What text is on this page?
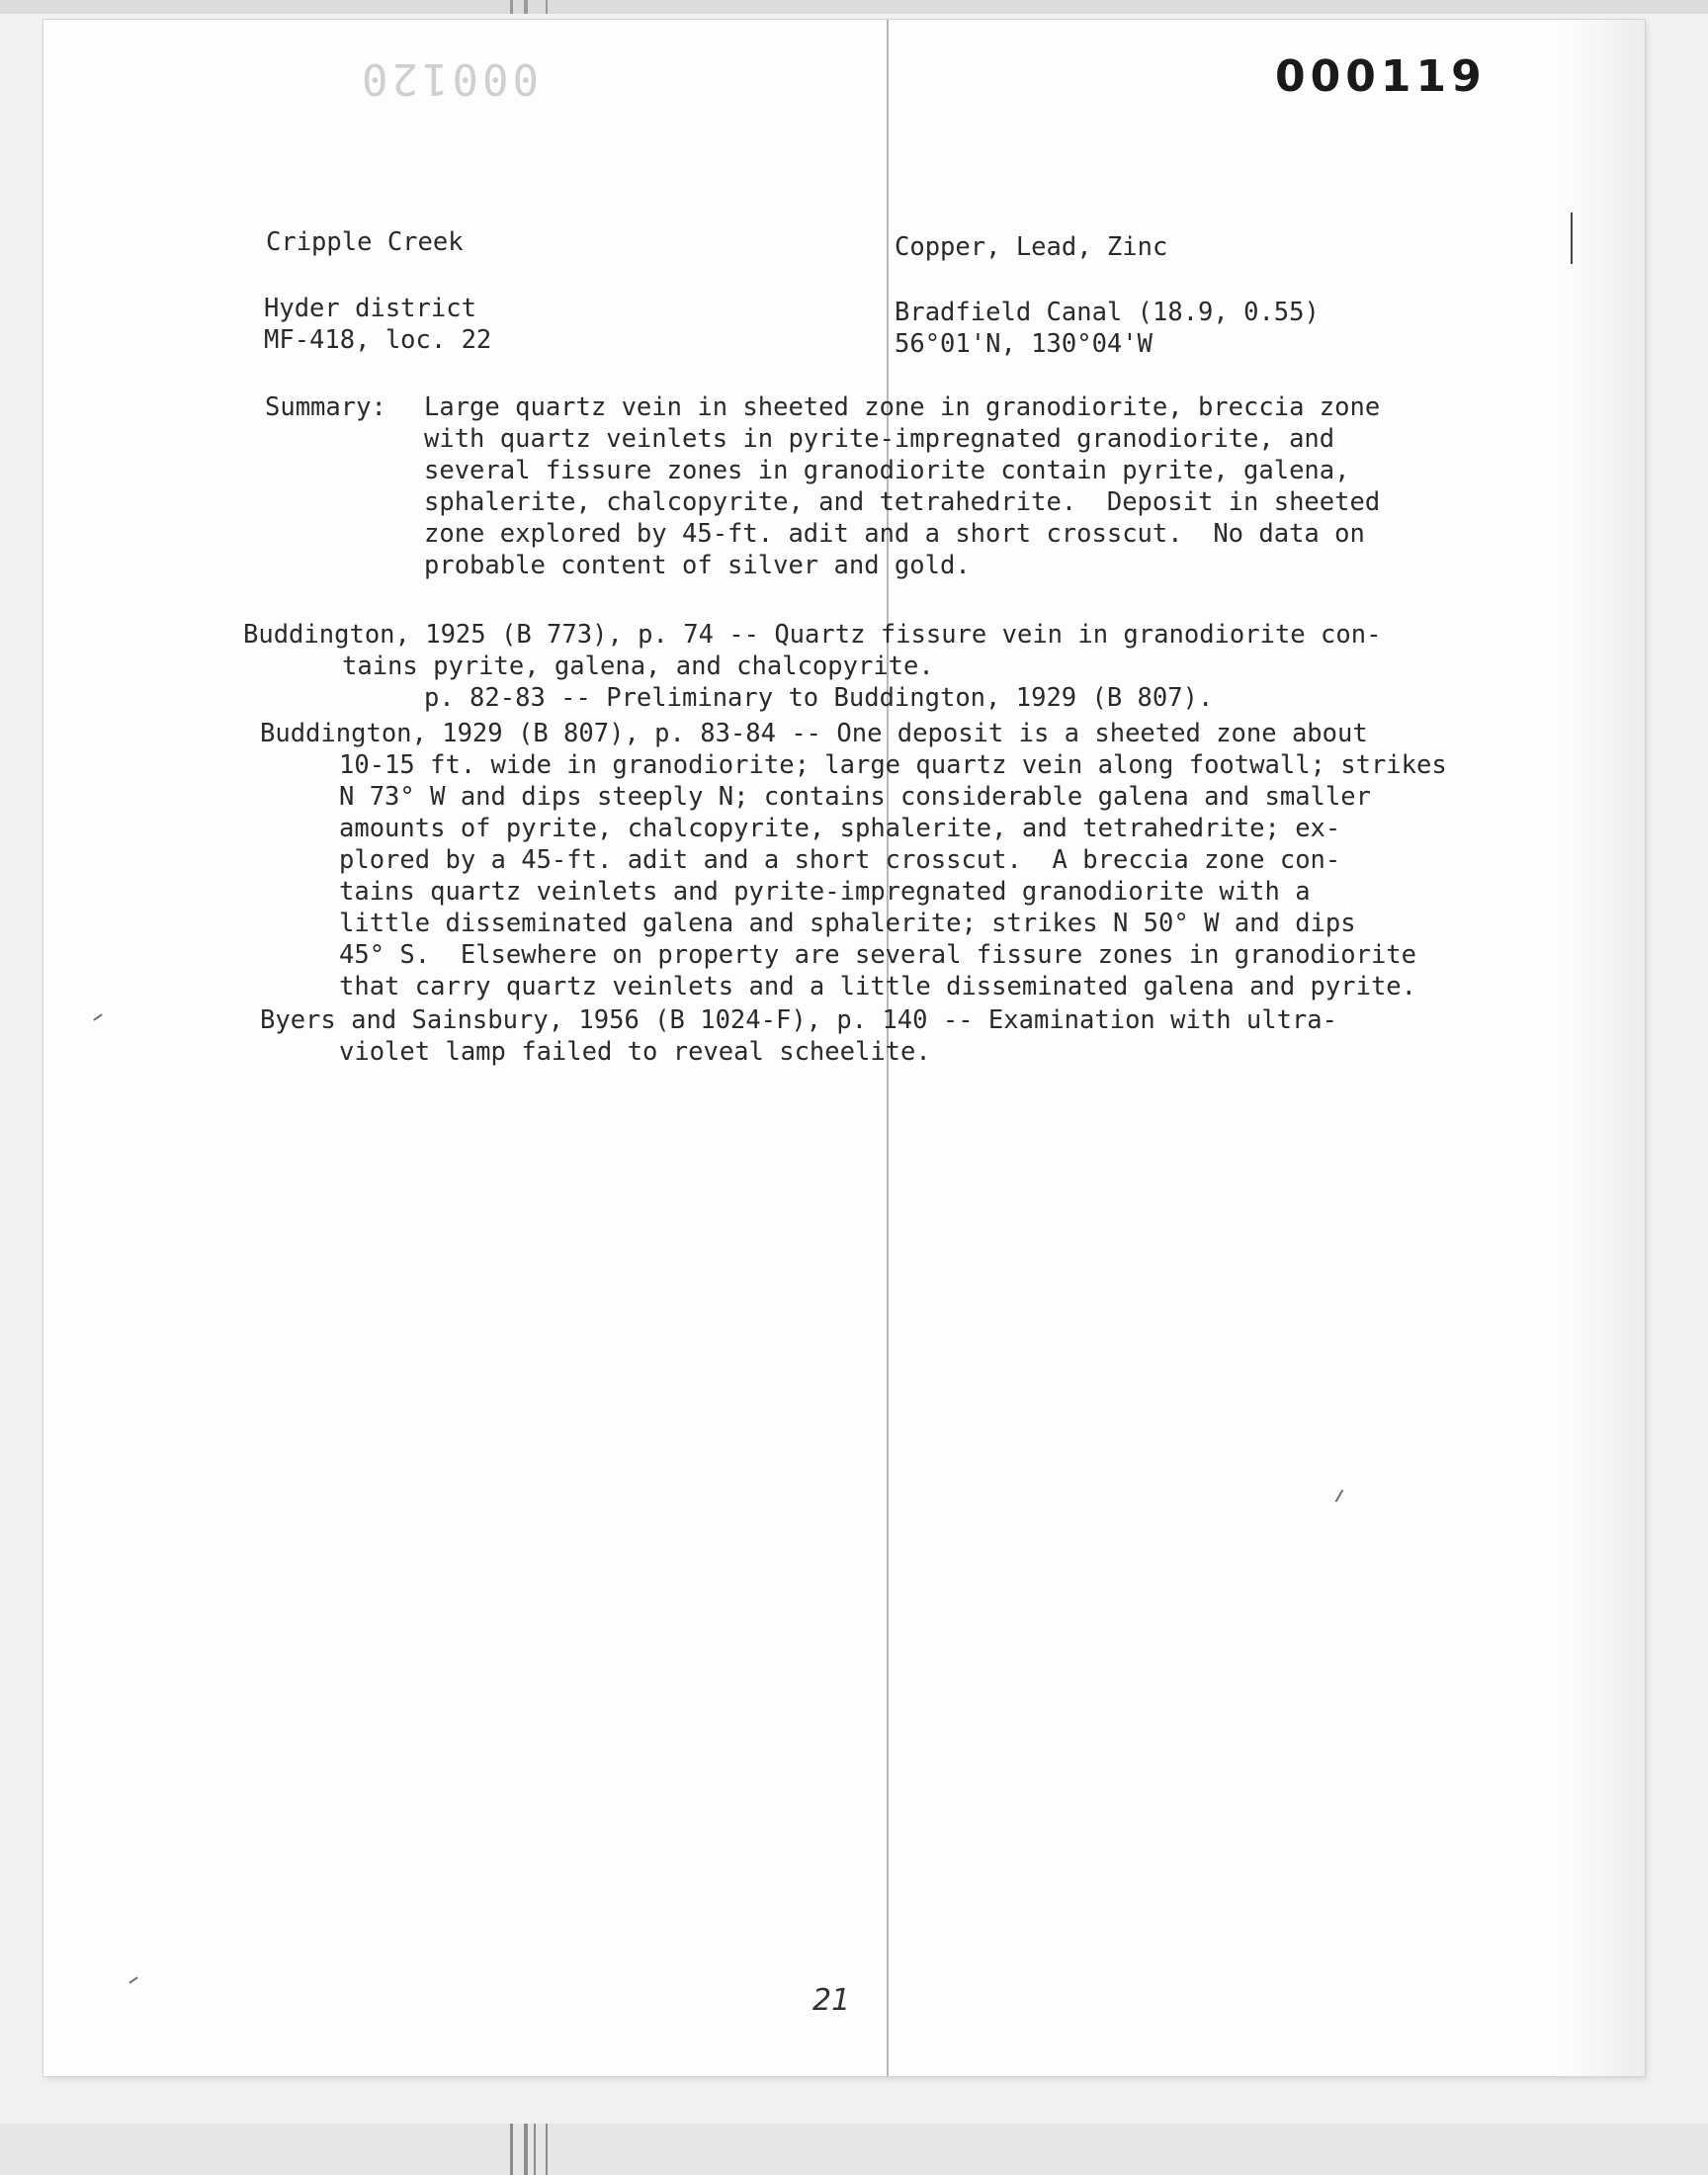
000120	000119
Cripple Creek	Copper, Lead, Zinc
Hyder district
MF-418, loc. 22
Bradfield Canal (18.9, 0.55)
56°01'N, 130°04'W
Summary: Large quartz vein in sheeted zone in granodiorite, breccia zone
with quartz veinlets in pyrite-impregnated granodiorite, and
several fissure zones in granodiorite contain pyrite, galena,
sphalerite, chalcopyrite, and tetrahedrite.  Deposit in sheeted
zone explored by 45-ft. adit and a short crosscut.  No data on
probable content of silver and gold.
Buddington, 1925 (B 773), p. 74 -- Quartz fissure vein in granodiorite con-
tains pyrite, galena, and chalcopyrite.
p. 82-83 -- Preliminary to Buddington, 1929 (B 807).
Buddington, 1929 (B 807), p. 83-84 -- One deposit is a sheeted zone about
10-15 ft. wide in granodiorite; large quartz vein along footwall; strikes
N 73° W and dips steeply N; contains considerable galena and smaller
amounts of pyrite, chalcopyrite, sphalerite, and tetrahedrite; ex-
plored by a 45-ft. adit and a short crosscut.  A breccia zone con-
tains quartz veinlets and pyrite-impregnated granodiorite with a
little disseminated galena and sphalerite; strikes N 50° W and dips
45° S.  Elsewhere on property are several fissure zones in granodiorite
that carry quartz veinlets and a little disseminated galena and pyrite.
Byers and Sainsbury, 1956 (B 1024-F), p. 140 -- Examination with ultra-
violet lamp failed to reveal scheelite.
21
